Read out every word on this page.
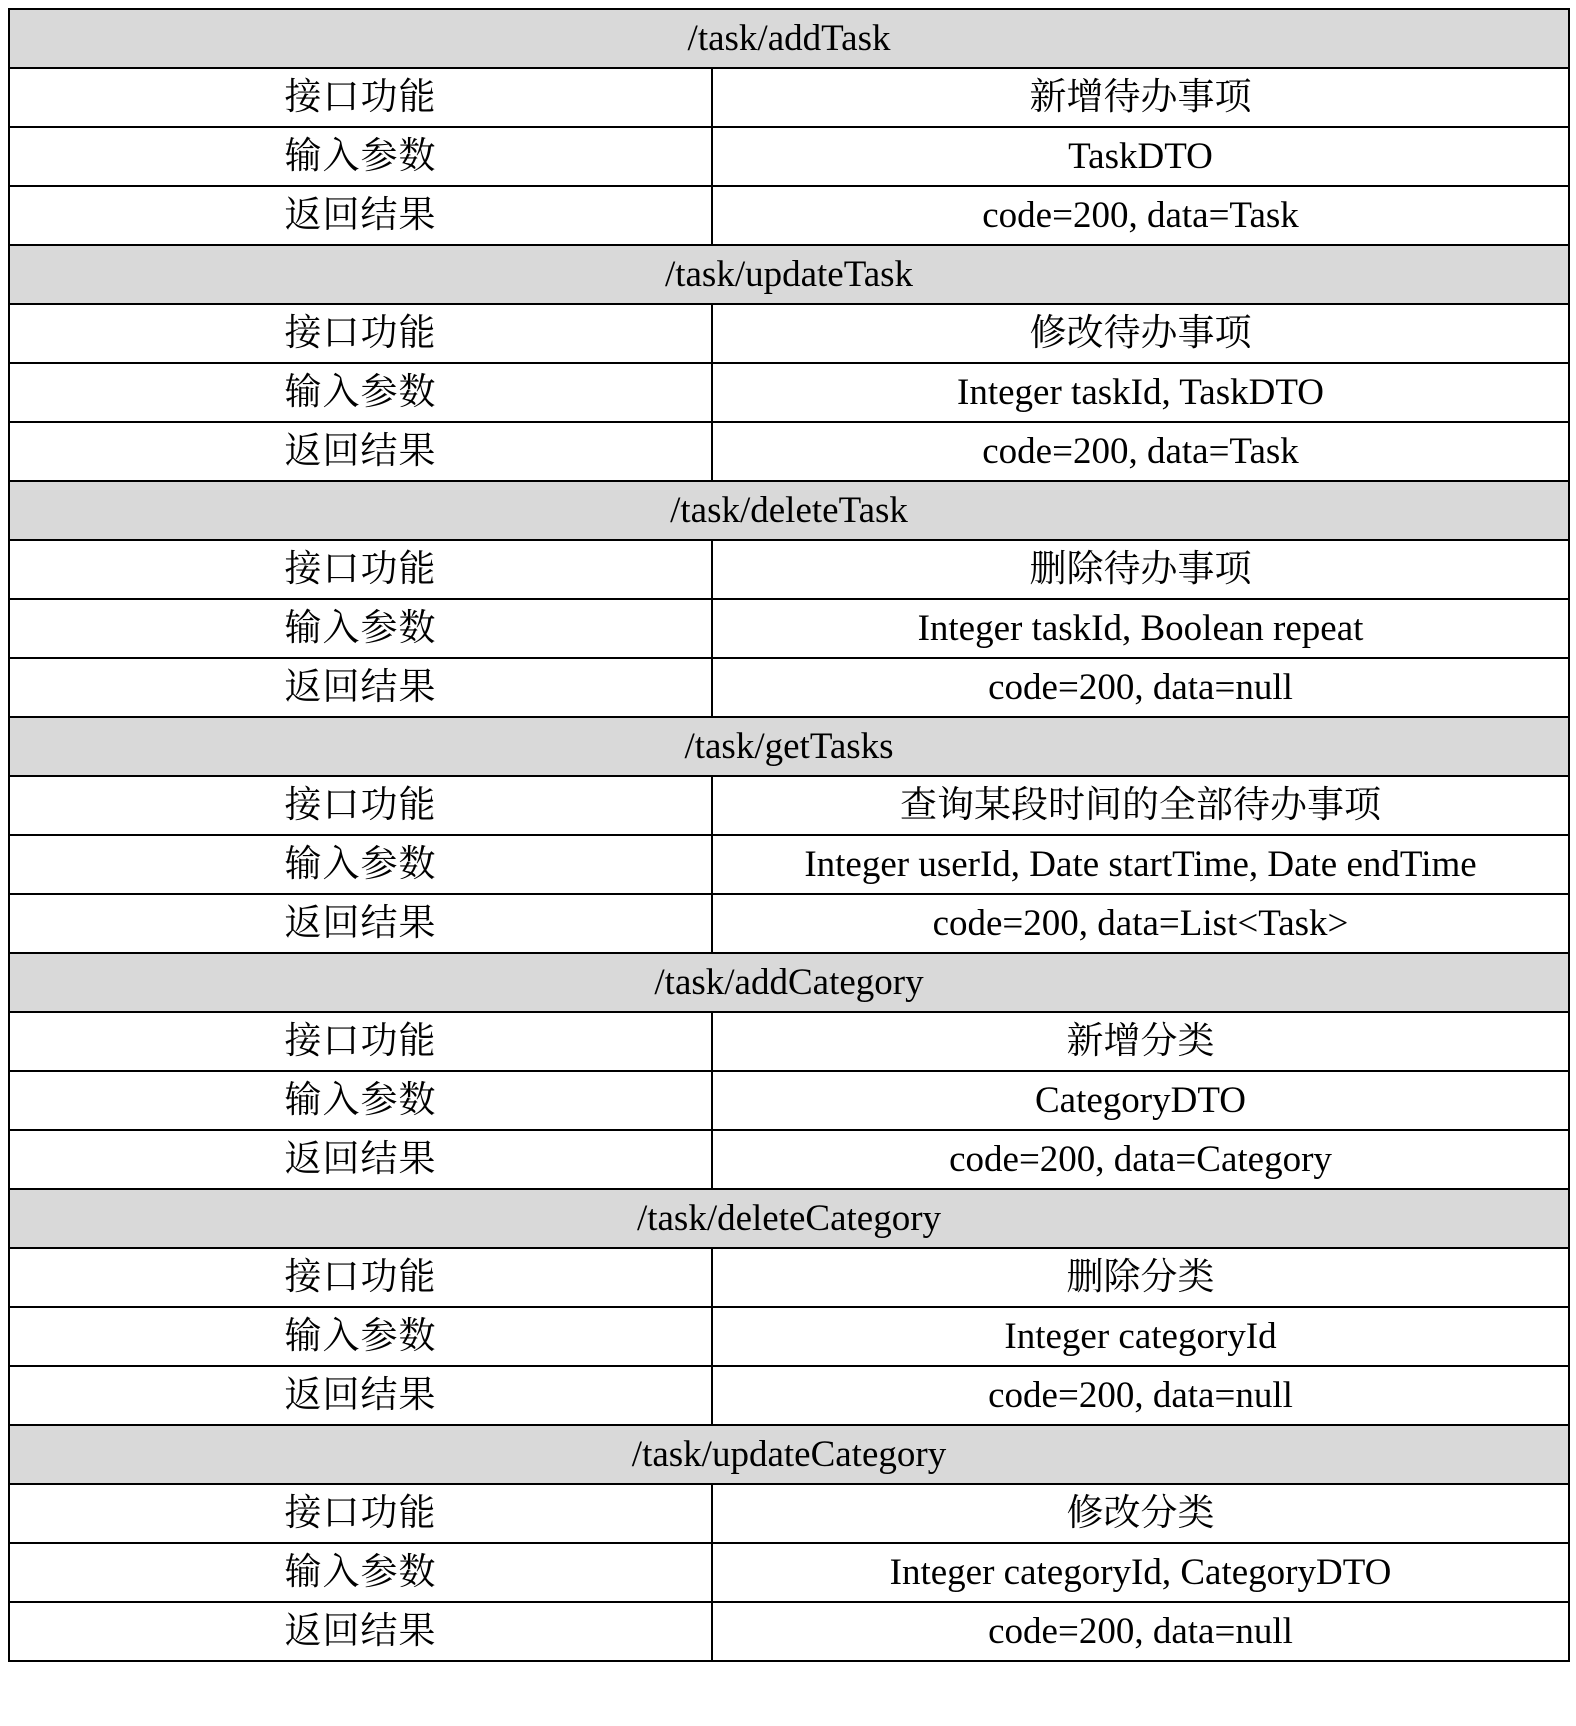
/task/addTask	
接口功能	新增待办事项
输入参数	TaskDTO
返回结果	code=200, data=Task
/task/updateTask	
接口功能	修改待办事项
输入参数	Integer taskId, TaskDTO
返回结果	code=200, data=Task
/task/deleteTask	
接口功能	删除待办事项
输入参数	Integer taskId, Boolean repeat
返回结果	code=200, data=null
/task/getTasks	
接口功能	查询某段时间的全部待办事项
输入参数	Integer userId, Date startTime, Date endTime
返回结果	code=200, data=List<Task>
/task/addCategory	
接口功能	新增分类
输入参数	CategoryDTO
返回结果	code=200, data=Category
/task/deleteCategory	
接口功能	删除分类
输入参数	Integer categoryId
返回结果	code=200, data=null
/task/updateCategory	
接口功能	修改分类
输入参数	Integer categoryId, CategoryDTO
返回结果	code=200, data=null
